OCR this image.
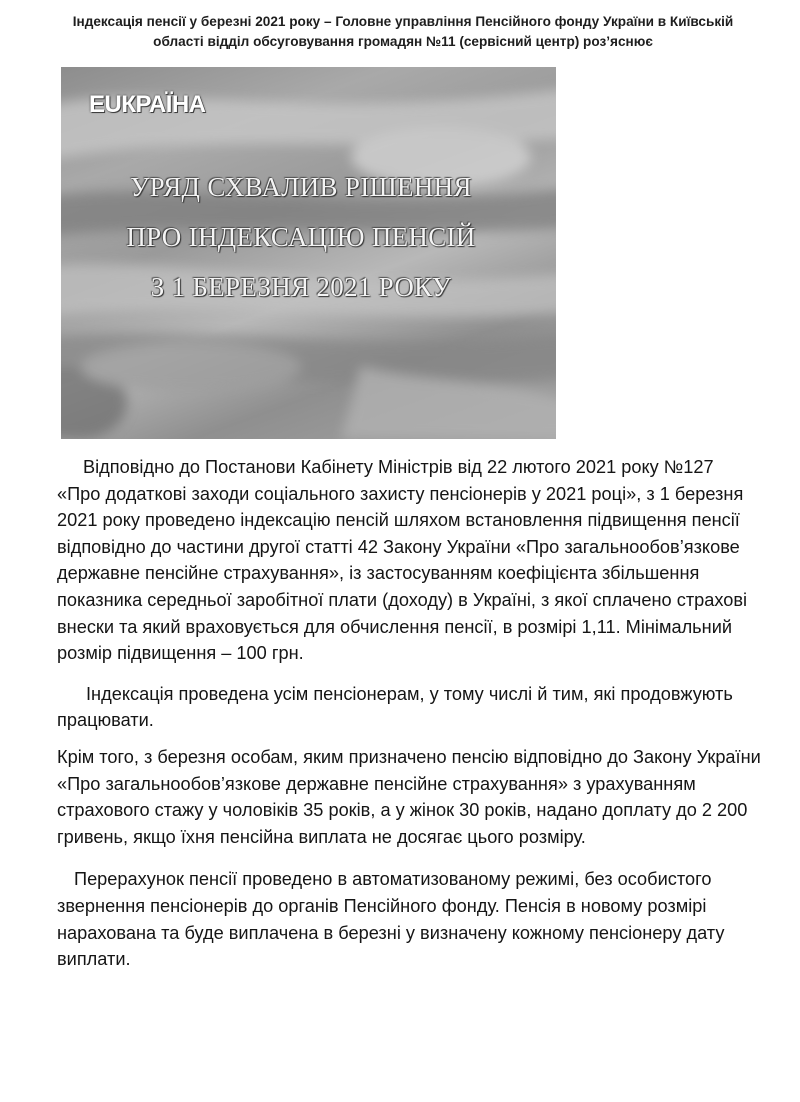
Індексація пенсії у березні 2021 року – Головне управління Пенсійного фонду України в Київській області відділ обсуговування громадян №11 (сервісний центр) роз’яснює
EUКРАЇНА
УРЯД СХВАЛИВ РІШЕННЯ
ПРО ІНДЕКСАЦІЮ ПЕНСІЙ
З 1 БЕРЕЗНЯ 2021 РОКУ

Відповідно до Постанови Кабінету Міністрів від 22 лютого 2021 року №127 «Про додаткові заходи соціального захисту пенсіонерів у 2021 році», з 1 березня 2021 року проведено індексацію пенсій шляхом встановлення підвищення пенсії відповідно до частини другої статті 42 Закону України «Про загальнообов’язкове державне пенсійне страхування», із застосуванням коефіцієнта збільшення показника середньої заробітної плати (доходу) в Україні, з якої сплачено страхові внески та який враховується для обчислення пенсії, в розмірі 1,11. Мінімальний розмір підвищення – 100 грн.

Індексація проведена усім пенсіонерам, у тому числі й тим, які продовжують працювати.

Крім того, з березня особам, яким призначено пенсію відповідно до Закону України «Про загальнообов’язкове державне пенсійне страхування» з урахуванням страхового стажу у чоловіків 35 років, а у жінок 30 років, надано доплату до 2 200 гривень, якщо їхня пенсійна виплата не досягає цього розміру.

Перерахунок пенсії проведено в автоматизованому режимі, без особистого звернення пенсіонерів до органів Пенсійного фонду. Пенсія в новому розмірі нарахована та буде виплачена в березні у визначену кожному пенсіонеру дату виплати.
